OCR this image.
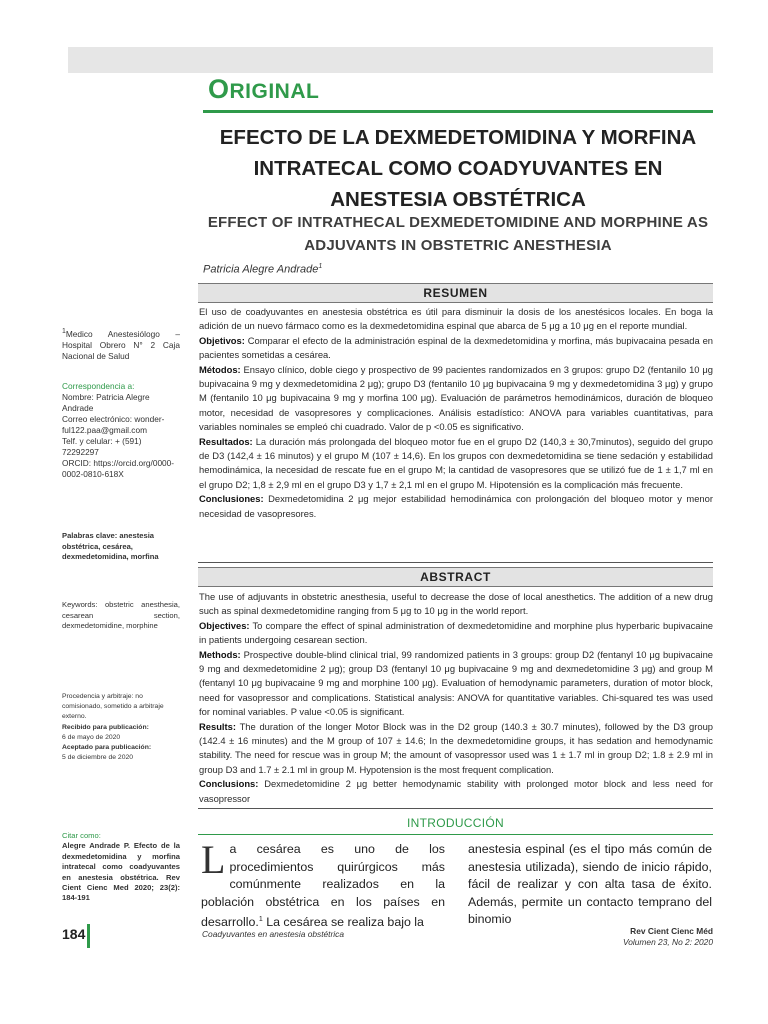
ORIGINAL
EFECTO DE LA DEXMEDETOMIDINA Y MORFINA INTRATECAL COMO COADYUVANTES EN ANESTESIA OBSTÉTRICA
EFFECT OF INTRATHECAL DEXMEDETOMIDINE AND MORPHINE AS ADJUVANTS IN OBSTETRIC ANESTHESIA
Patricia Alegre Andrade$^1$
RESUMEN

El uso de coadyuvantes en anestesia obstétrica es útil para disminuir la dosis de los anestésicos locales. En boga la adición de un nuevo fármaco como es la dexmedetomidina espinal que abarca de 5 μg a 10 μg en el reporte mundial.

Objetivos: Comparar el efecto de la administración espinal de la dexmedetomidina y morfina, más bupivacaina pesada en pacientes sometidas a cesárea.

Métodos: Ensayo clínico, doble ciego y prospectivo de 99 pacientes randomizados en 3 grupos: grupo D2 (fentanilo 10 μg bupivacaina 9 mg y dexmedetomidina 2 μg); grupo D3 (fentanilo 10 μg bupivacaina 9 mg y dexmedetomidina 3 μg) y grupo M (fentanilo 10 μg bupivacaina 9 mg y morfina 100 μg). Evaluación de parámetros hemodinámicos, duración de bloqueo motor, necesidad de vasopresores y complicaciones. Análisis estadístico: ANOVA para variables cuantitativas, para variables nominales se empleó chi cuadrado. Valor de p <0.05 es significativo.

Resultados: La duración más prolongada del bloqueo motor fue en el grupo D2 (140,3 ± 30,7minutos), seguido del grupo de D3 (142,4 ± 16 minutos) y el grupo M (107 ± 14,6). En los grupos con dexmedetomidina se tiene sedación y estabilidad hemodinámica, la necesidad de rescate fue en el grupo M; la cantidad de vasopresores que se utilizó fue de 1 ± 1,7 ml en el grupo D2; 1,8 ± 2,9 ml en el grupo D3 y 1,7 ± 2,1 ml en el grupo M. Hipotensión es la complicación más frecuente.

Conclusiones: Dexmedetomidina 2 μg mejor estabilidad hemodinámica con prolongación del bloqueo motor y menor necesidad de vasopresores.

ABSTRACT

The use of adjuvants in obstetric anesthesia, useful to decrease the dose of local anesthetics. The addition of a new drug such as spinal dexmedetomidine ranging from 5 μg to 10 μg in the world report.

Objectives: To compare the effect of spinal administration of dexmedetomidine and morphine plus hyperbaric bupivacaine in patients undergoing cesarean section.

Methods: Prospective double-blind clinical trial, 99 randomized patients in 3 groups: group D2 (fentanyl 10 μg bupivacaine 9 mg and dexmedetomidine 2 μg); group D3 (fentanyl 10 μg bupivacaine 9 mg and dexmedetomidine 3 μg) and group M (fentanyl 10 μg bupivacaine 9 mg and morphine 100 μg). Evaluation of hemodynamic parameters, duration of motor block, need for vasopressor and complications. Statistical analysis: ANOVA for quantitative variables. Chi-squared tes was used for nominal variables. P value <0.05 is significant.

Results: The duration of the longer Motor Block was in the D2 group (140.3 ± 30.7 minutes), followed by the D3 group (142.4 ± 16 minutes) and the M group of 107 ± 14.6; In the dexmedetomidine groups, it has sedation and hemodynamic stability. The need for rescue was in group M; the amount of vasopressor used was 1 ± 1.7 ml in group D2; 1.8 ± 2.9 ml in group D3 and 1.7 ± 2.1 ml in group M. Hypotension is the most frequent complication.

Conclusions: Dexmedetomidine 2 μg better hemodynamic stability with prolonged motor block and less need for vasopressor

$^1$Medico Anestesiólogo – Hospital Obrero N° 2 Caja Nacional de Salud

Correspondencia a:

Nombre: Patricia Alegre Andrade

Correo electrónico: wonder-ful122.paa@gmail.com

Telf. y celular: + (591) 72292297

ORCID: https://orcid.org/0000-0002-0810-618X

Palabras clave: anestesia obstétrica, cesárea, dexmedetomidina, morfina
Keywords: obstetric anesthesia, cesarean section, dexmedetomidine, morphine

Procedencia y arbitraje: no comisionado, sometido a arbitraje externo.

Recibido para publicación:

6 de mayo de 2020

Aceptado para publicación:

5 de diciembre de 2020

Citar como:

Alegre Andrade P. Efecto de la dexmedetomidina y morfina intratecal como coadyuvantes en anestesia obstétrica. Rev Cient Cienc Med 2020; 23(2): 184-191

INTRODUCCIÓN
La cesárea es uno de los procedimientos quirúrgicos más comúnmente realizados en la población obstétrica en los países en desarrollo.$^1$ La cesárea se realiza bajo la
anestesia espinal (es el tipo más común de anestesia utilizada), siendo de inicio rápido, fácil de realizar y con alta tasa de éxito. Además, permite un contacto temprano del binomio
184	Coadyuvantes en anestesia obstétrica	Rev Cient Cienc Méd
Volumen 23, No 2: 2020
